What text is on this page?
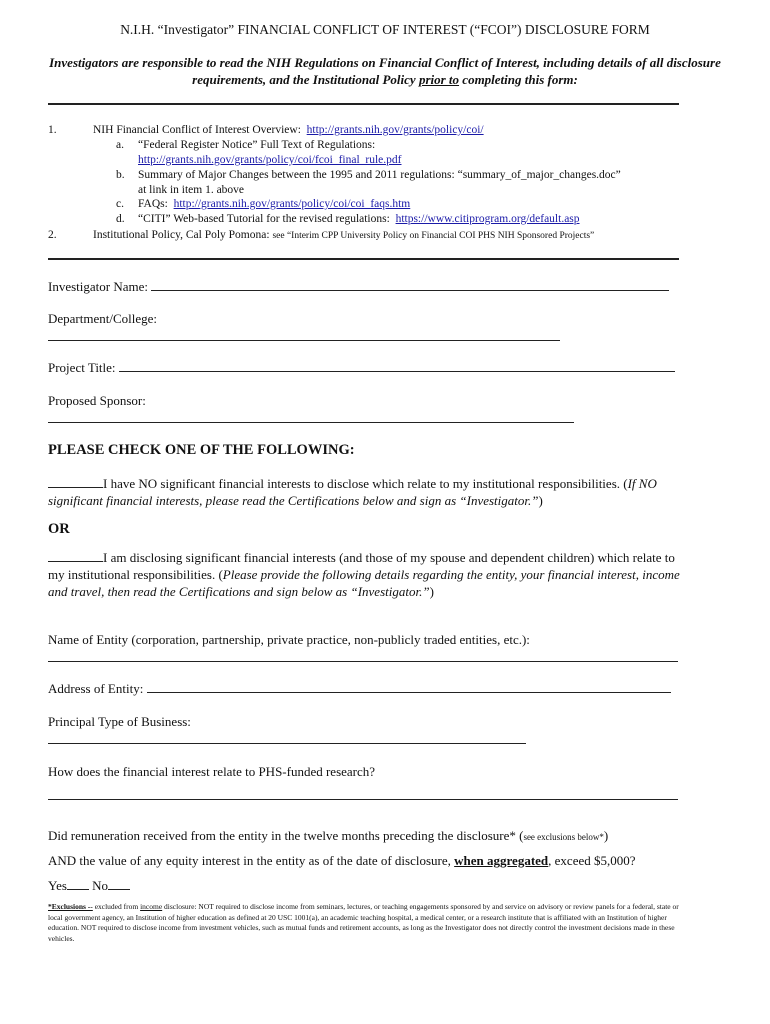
N.I.H. “Investigator” FINANCIAL CONFLICT OF INTEREST (“FCOI”) DISCLOSURE FORM
Investigators are responsible to read the NIH Regulations on Financial Conflict of Interest, including details of all disclosure requirements, and the Institutional Policy prior to completing this form:
1.	NIH Financial Conflict of Interest Overview: http://grants.nih.gov/grants/policy/coi/
a. “Federal Register Notice” Full Text of Regulations:
http://grants.nih.gov/grants/policy/coi/fcoi_final_rule.pdf
b. Summary of Major Changes between the 1995 and 2011 regulations: “summary_of_major_changes.doc”
at link in item 1. above
c. FAQs: http://grants.nih.gov/grants/policy/coi/coi_faqs.htm
d. “CITI” Web-based Tutorial for the revised regulations: https://www.citiprogram.org/default.asp
2.	Institutional Policy, Cal Poly Pomona: see “Interim CPP University Policy on Financial COI PHS NIH Sponsored Projects”
Investigator Name:
Department/College:
Project Title:
Proposed Sponsor:
PLEASE CHECK ONE OF THE FOLLOWING:
I have NO significant financial interests to disclose which relate to my institutional responsibilities. (If NO significant financial interests, please read the Certifications below and sign as “Investigator.”)
OR
I am disclosing significant financial interests (and those of my spouse and dependent children) which relate to my institutional responsibilities. (Please provide the following details regarding the entity, your financial interest, income and travel, then read the Certifications and sign below as “Investigator.”)
Name of Entity (corporation, partnership, private practice, non-publicly traded entities, etc.):
Address of Entity:
Principal Type of Business:
How does the financial interest relate to PHS-funded research?
Did remuneration received from the entity in the twelve months preceding the disclosure* (see exclusions below*)
AND the value of any equity interest in the entity as of the date of disclosure, when aggregated, exceed $5,000?
Yes No
*Exclusions -- excluded from income disclosure: NOT required to disclose income from seminars, lectures, or teaching engagements sponsored by and service on advisory or review panels for a federal, state or local government agency, an Institution of higher education as defined at 20 USC 1001(a), an academic teaching hospital, a medical center, or a research institute that is affiliated with an Institution of higher education. NOT required to disclose income from investment vehicles, such as mutual funds and retirement accounts, as long as the Investigator does not directly control the investment decisions made in these vehicles.
